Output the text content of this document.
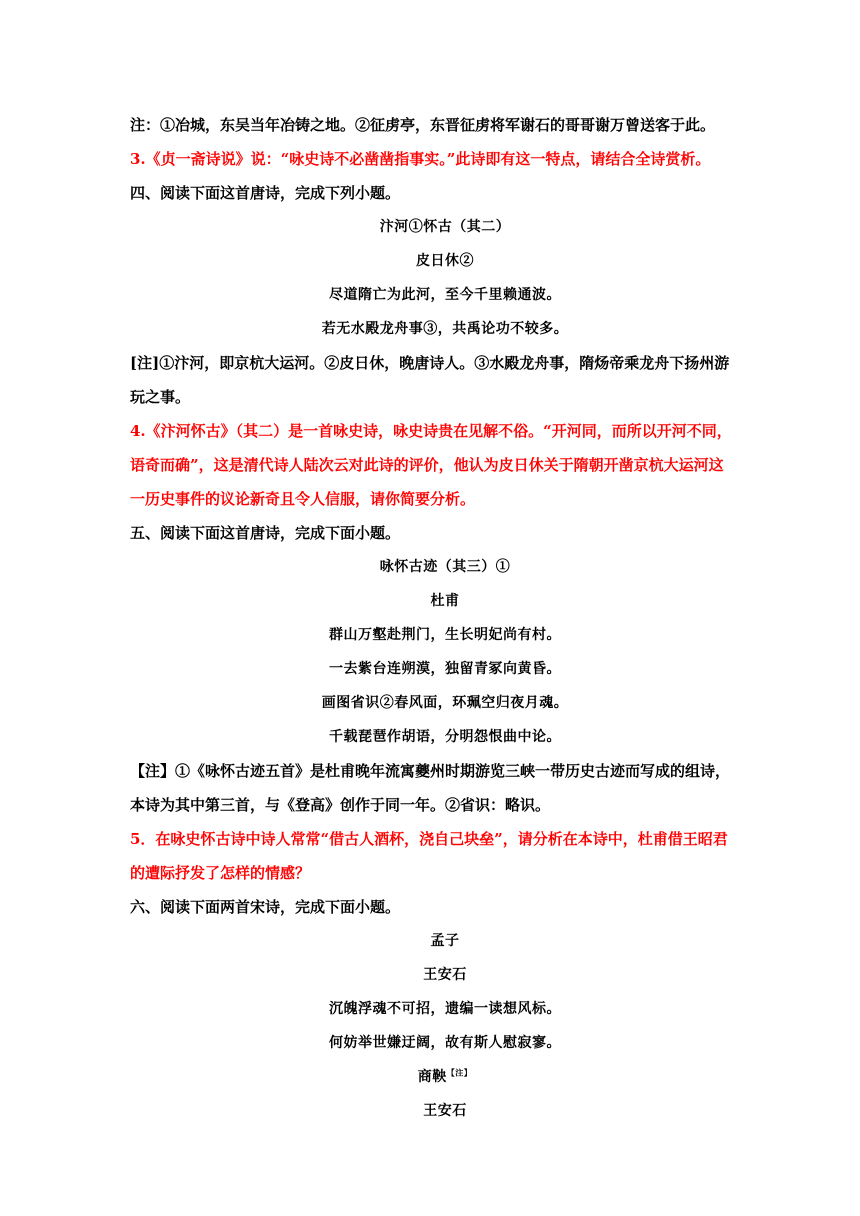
注：①冶城，东吴当年冶铸之地。②征虏亭，东晋征虏将军谢石的哥哥谢万曾送客于此。

3.《贞一斋诗说》说：“咏史诗不必凿凿指事实。”此诗即有这一特点，请结合全诗赏析。

四、阅读下面这首唐诗，完成下列小题。

汴河①怀古（其二）

皮日休②

尽道隋亡为此河，至今千里赖通波。

若无水殿龙舟事③，共禹论功不较多。

[注]①汴河，即京杭大运河。②皮日休，晚唐诗人。③水殿龙舟事，隋炀帝乘龙舟下扬州游

玩之事。

4.《汴河怀古》（其二）是一首咏史诗，咏史诗贵在见解不俗。“开河同，而所以开河不同，

语奇而确”，这是清代诗人陆次云对此诗的评价，他认为皮日休关于隋朝开凿京杭大运河这

一历史事件的议论新奇且令人信服，请你简要分析。

五、阅读下面这首唐诗，完成下面小题。

咏怀古迹（其三）①

杜甫

群山万壑赴荆门，生长明妃尚有村。

一去紫台连朔漠，独留青冢向黄昏。

画图省识②春风面，环珮空归夜月魂。

千载琵琶作胡语，分明怨恨曲中论。

【注】①《咏怀古迹五首》是杜甫晚年流寓夔州时期游览三峡一带历史古迹而写成的组诗，

本诗为其中第三首，与《登高》创作于同一年。②省识：略识。

5．在咏史怀古诗中诗人常常“借古人酒杯，浇自己块垒”，请分析在本诗中，杜甫借王昭君

的遭际抒发了怎样的情感？

六、阅读下面两首宋诗，完成下面小题。

孟子

王安石

沉魄浮魂不可招，遗编一读想风标。

何妨举世嫌迂阔，故有斯人慰寂寥。

商鞅$^{【注】}$

王安石
